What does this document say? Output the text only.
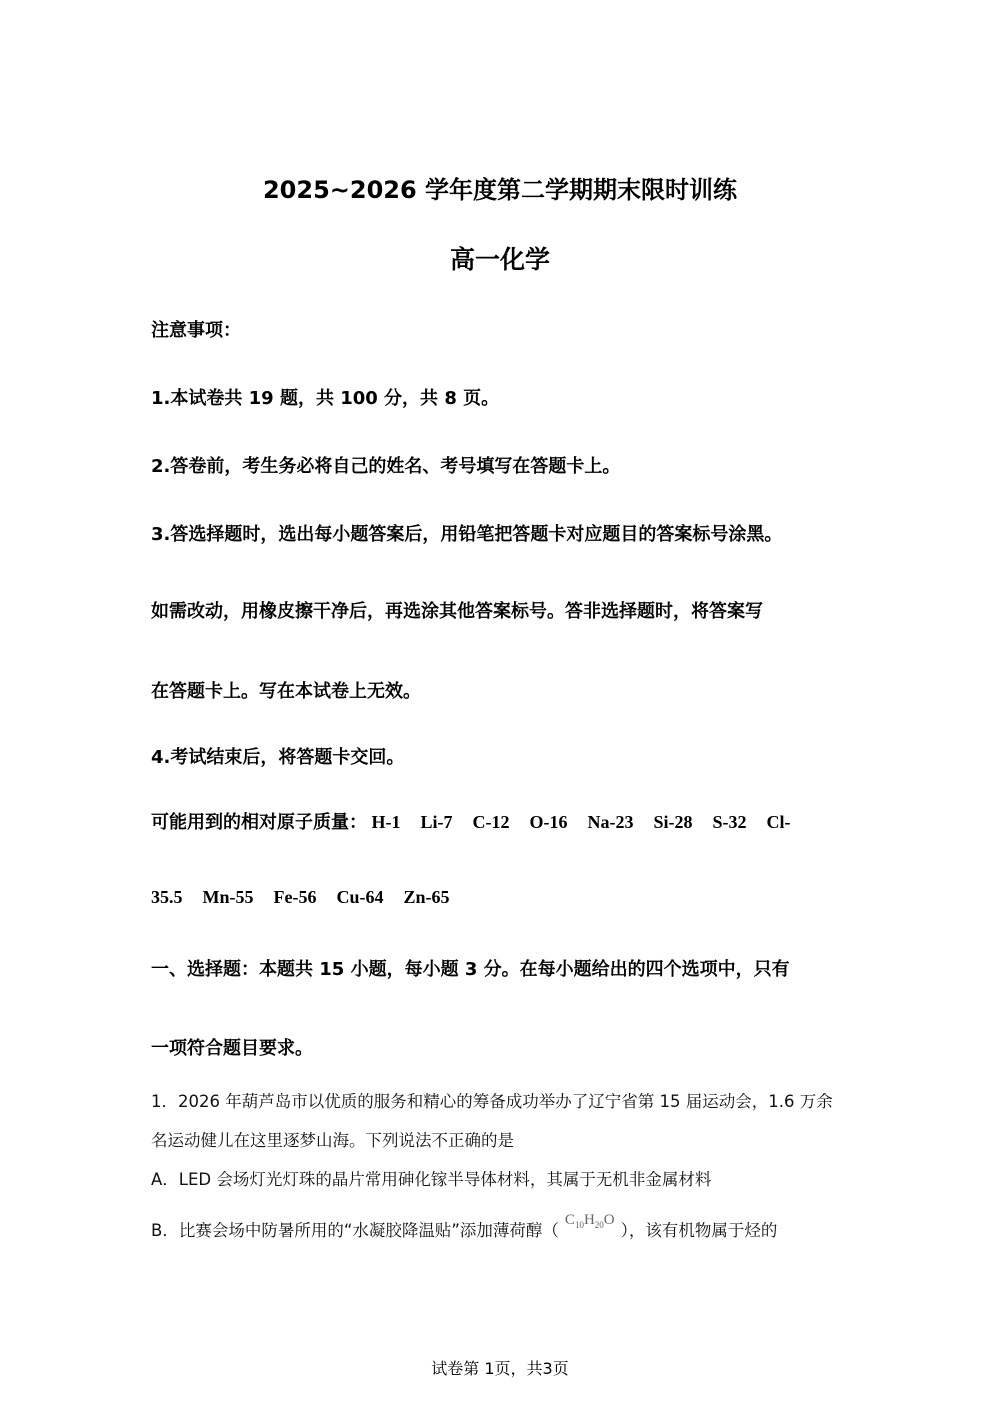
2025~2026 学年度第二学期期末限时训练
高一化学
注意事项：
1.本试卷共 19 题，共 100 分，共 8 页。
2.答卷前，考生务必将自己的姓名、考号填写在答题卡上。
3.答选择题时，选出每小题答案后，用铅笔把答题卡对应题目的答案标号涂黑。
如需改动，用橡皮擦干净后，再选涂其他答案标号。答非选择题时，将答案写
在答题卡上。写在本试卷上无效。
4.考试结束后，将答题卡交回。
可能用到的相对原子质量： H-1 Li-7 C-12 O-16 Na-23 Si-28 S-32 Cl-
35.5 Mn-55 Fe-56 Cu-64 Zn-65
一、选择题：本题共 15 小题，每小题 3 分。在每小题给出的四个选项中，只有
一项符合题目要求。
1．2026 年葫芦岛市以优质的服务和精心的筹备成功举办了辽宁省第 15 届运动会，1.6 万余
名运动健儿在这里逐梦山海。下列说法不正确的是
A．LED 会场灯光灯珠的晶片常用砷化镓半导体材料，其属于无机非金属材料
B．比赛会场中防暑所用的“水凝胶降温贴”添加薄荷醇$(C_{10}H_{20}O)$，该有机物属于烃的
试卷第 1页，共3页
